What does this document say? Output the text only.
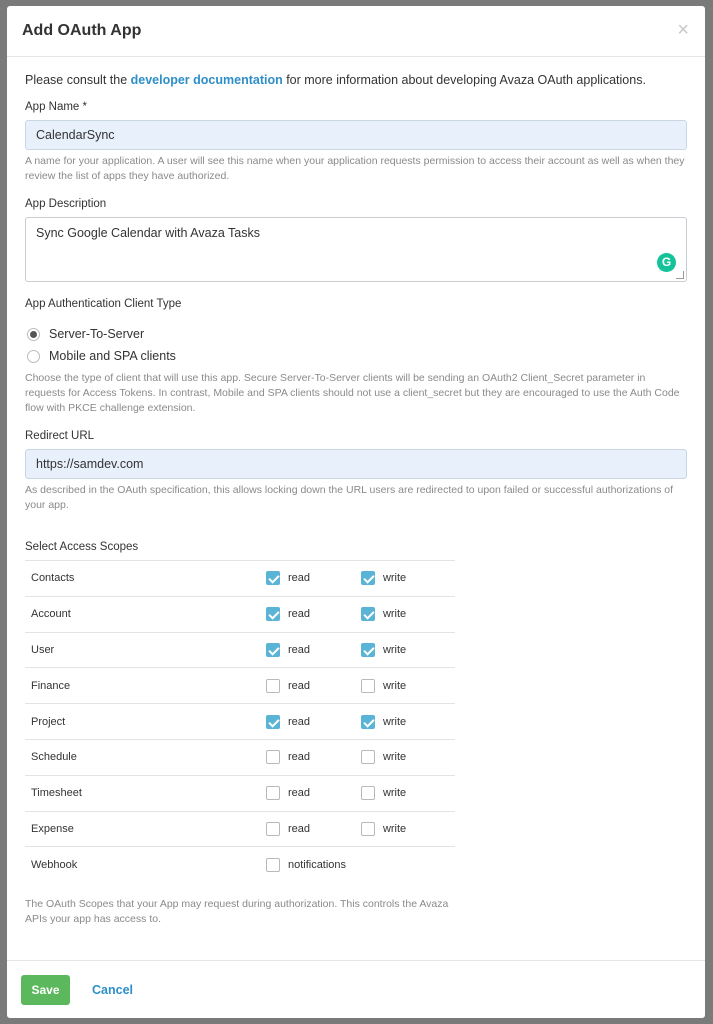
Add OAuth App	×

Please consult the developer documentation for more information about developing Avaza OAuth applications.

App Name *
CalendarSync

A name for your application. A user will see this name when your application requests permission to access their account as well as when they review the list of apps they have authorized.

App Description
Sync Google Calendar with Avaza Tasks
G
App Authentication Client Type
Server-To-Server
Mobile and SPA clients

Choose the type of client that will use this app. Secure Server-To-Server clients will be sending an OAuth2 Client_Secret parameter in requests for Access Tokens. In contrast, Mobile and SPA clients should not use a client_secret but they are encouraged to use the Auth Code flow with PKCE challenge extension.

Redirect URL
https://samdev.com

As described in the OAuth specification, this allows locking down the URL users are redirected to upon failed or successful authorizations of your app.

Select Access Scopes
Contacts	read	write
Account	read	write
User	read	write
Finance	read	write
Project	read	write
Schedule	read	write
Timesheet	read	write
Expense	read	write
Webhook	notifications	

The OAuth Scopes that your App may request during authorization. This controls the Avaza APIs your app has access to.

Save	Cancel
